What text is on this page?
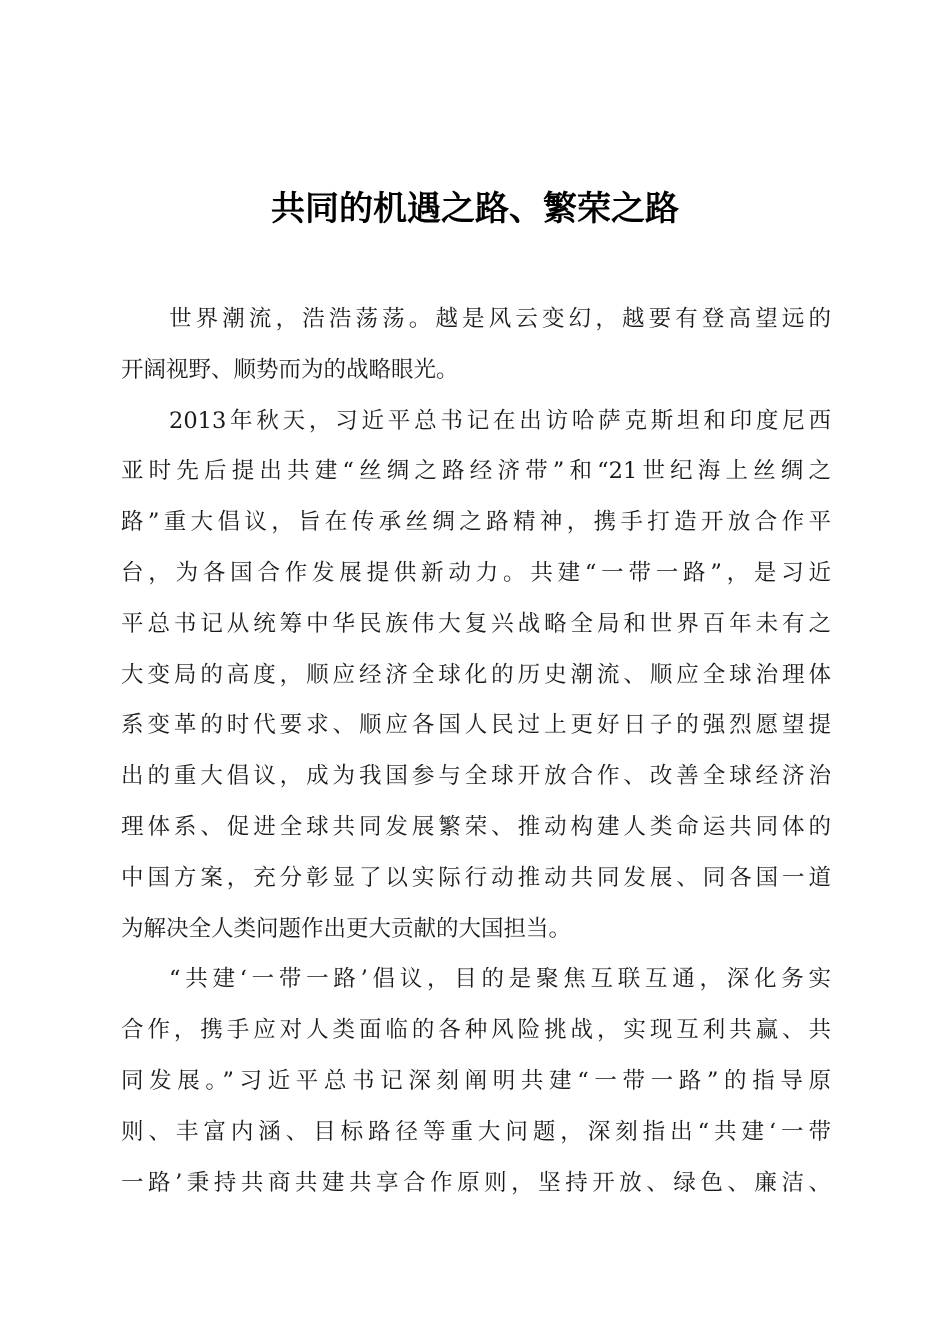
共同的机遇之路、繁荣之路
世界潮流，浩浩荡荡。越是风云变幻，越要有登高望远的
开阔视野、顺势而为的战略眼光。
2013年秋天，习近平总书记在出访哈萨克斯坦和印度尼西
亚时先后提出共建“丝绸之路经济带”和“21世纪海上丝绸之
路”重大倡议，旨在传承丝绸之路精神，携手打造开放合作平
台，为各国合作发展提供新动力。共建“一带一路”，是习近
平总书记从统筹中华民族伟大复兴战略全局和世界百年未有之
大变局的高度，顺应经济全球化的历史潮流、顺应全球治理体
系变革的时代要求、顺应各国人民过上更好日子的强烈愿望提
出的重大倡议，成为我国参与全球开放合作、改善全球经济治
理体系、促进全球共同发展繁荣、推动构建人类命运共同体的
中国方案，充分彰显了以实际行动推动共同发展、同各国一道
为解决全人类问题作出更大贡献的大国担当。
“共建‘一带一路’倡议，目的是聚焦互联互通，深化务实
合作，携手应对人类面临的各种风险挑战，实现互利共赢、共
同发展。”习近平总书记深刻阐明共建“一带一路”的指导原
则、丰富内涵、目标路径等重大问题，深刻指出“共建‘一带
一路’秉持共商共建共享合作原则，坚持开放、绿色、廉洁、
